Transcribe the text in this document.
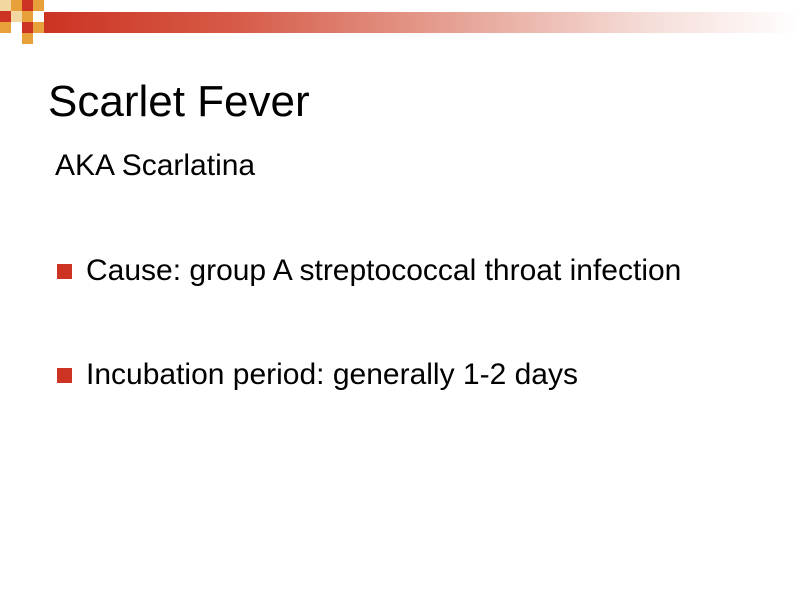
Scarlet Fever

AKA Scarlatina

Cause: group A streptococcal throat infection
Incubation period: generally 1-2 days
